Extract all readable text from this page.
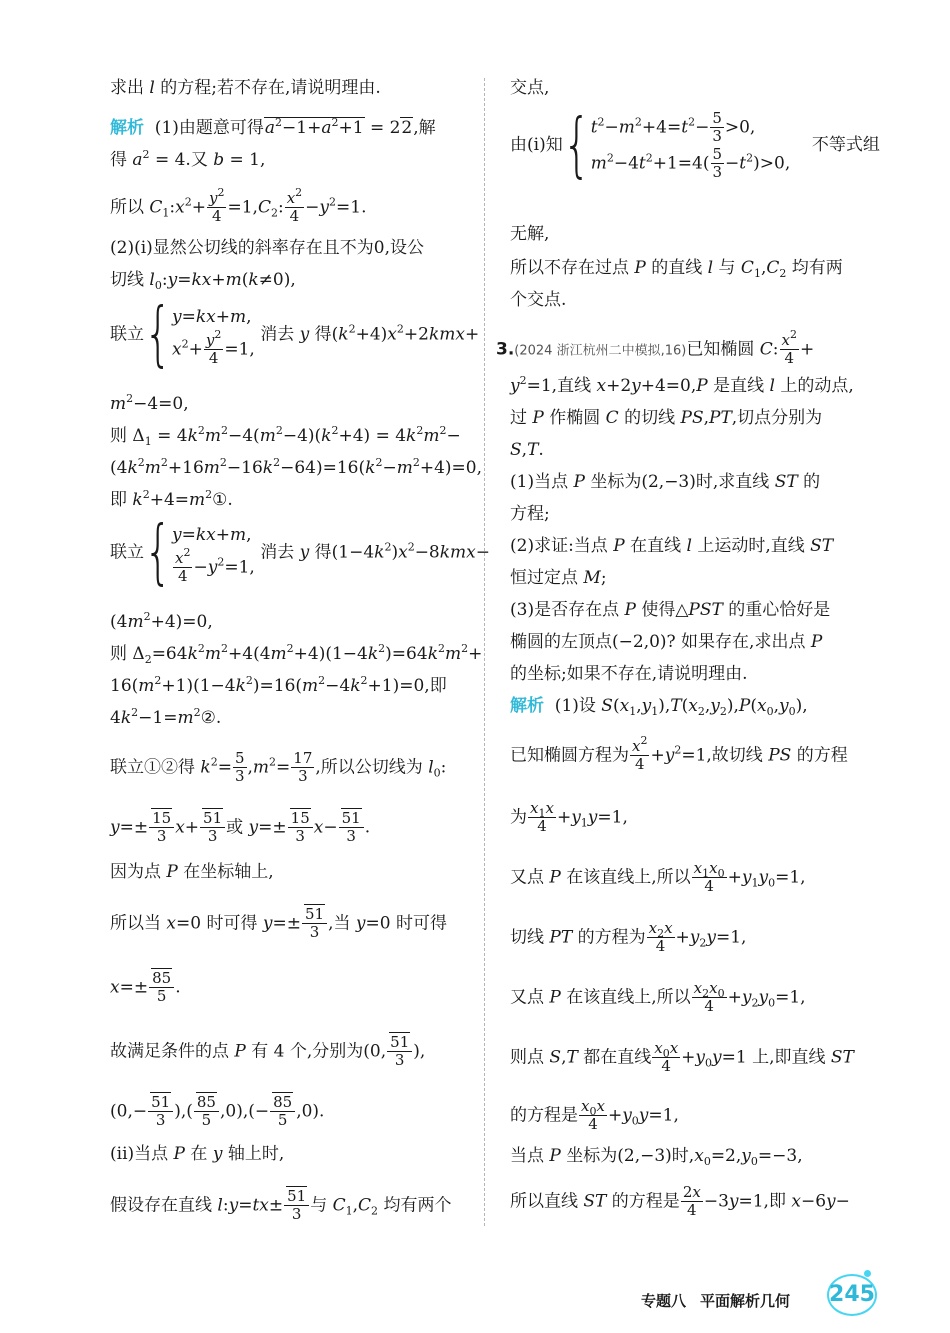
求出 l 的方程;若不存在,请说明理由.
解析  (1)由题意可得$a^2-1+a^2+1 = 22$,解
得 $a^2 = 4$.又 b = 1,
所以 $C_1:x^2+ \frac{y^2}{4} =1,C_2$: $\frac{x^2}{4} -y^2=1$.
(2)(i)显然公切线的斜率存在且不为0,设公
切线 $l_0:y=kx+m(k\ne 0)$,
联立{ y=kx+m,
$x^2+ \frac{y^2}{4} =1$,
消去 y 得$(k^2+4)x^2+2kmx+$
$m^2-4=0$,
则 $\Delta_1 = 4k^2m^2-4(m^2-4)(k^2+4) = 4k^2m^2-$
$(4k^2m^2+16m^2-16k^2-64)=16(k^2-m^2+4)=0$,
即 $k^2+4=m^2①$.
联立{ y=kx+m,
$\frac{x^2}{4} -y^2=1$,
消去 y 得$(1-4k^2)x^2-8kmx-$
$(4m^2+4)=0$,
则 $\Delta_2=64k^2m^2+4(4m^2+4)(1-4k^2)=64k^2m^2+$
$16(m^2+1)(1-4k^2)=16(m^2-4k^2+1)=0$,即
$4k^2-1=m^2②$.
联立①②得 $k^2= \frac{5}{3} ,m^2= \frac{17}{3}$ ,所以公切线为 $l_0$:
$y=\pm \frac{15}{3} x+ \frac{51}{3}$ 或 $y=\pm \frac{15}{3} x- \frac{51}{3}$ .
因为点 P 在坐标轴上,
所以当 x=0 时可得 $y=\pm \frac{51}{3}$ ,当 y=0 时可得
$x=\pm \frac{85}{5}$ .
故满足条件的点 P 有 4 个,分别为(0, $\frac{51}{3}$ ),
($0,- \frac{51}{3}$ ),( $\frac{85}{5} ,0),(- \frac{85}{5} ,0)$.
(ii)当点 P 在 y 轴上时,
假设存在直线 l:y=tx± $\frac{51}{3}$ 与 $C_1,C_2$ 均有两个
交点,
由(i)知{ $t^2-m^2+4=t^2- \frac{5}{3} >0$,
$m^2-4t^2+1=4( \frac{5}{3} -t^2)>0$,
不等式组
无解,
所以不存在过点 P 的直线 l 与 $C_1,C_2$ 均有两
个交点.
3.(2024 浙江杭州二中模拟,16)已知椭圆 C: $\frac{x^2}{4}$ +
$y^2=1$,直线 x+2y+4=0,P 是直线 l 上的动点,
过 P 作椭圆 C 的切线 PS,PT,切点分别为
S,T.
(1)当点 P 坐标为(2,−3)时,求直线 ST 的
方程;
(2)求证:当点 P 在直线 l 上运动时,直线 ST
恒过定点 M;
(3)是否存在点 P 使得△PST 的重心恰好是
椭圆的左顶点(−2,0)? 如果存在,求出点 P
的坐标;如果不存在,请说明理由.
解析  (1)设 $S(x_1,y_1),T(x_2,y_2),P(x_0,y_0)$,
已知椭圆方程为 $\frac{x^2}{4} +y^2=1$,故切线 PS 的方程
为 $\frac{x_1x}{4} +y_1y=1$,
又点 P 在该直线上,所以 $\frac{x_1x_0}{4} +y_1y_0=1$,
切线 PT 的方程为 $\frac{x_2x}{4} +y_2y=1$,
又点 P 在该直线上,所以 $\frac{x_2x_0}{4} +y_2y_0=1$,
则点 S,T 都在直线 $\frac{x_0x}{4} +y_0y=1$ 上,即直线 ST
的方程是 $\frac{x_0x}{4} +y_0y=1$,
当点 P 坐标为(2,−3)时$,x_0=2,y_0=-3$,
所以直线 ST 的方程是 $\frac{2x}{4} -3y=1$,即 x−6y−
专题八 平面解析几何 245
